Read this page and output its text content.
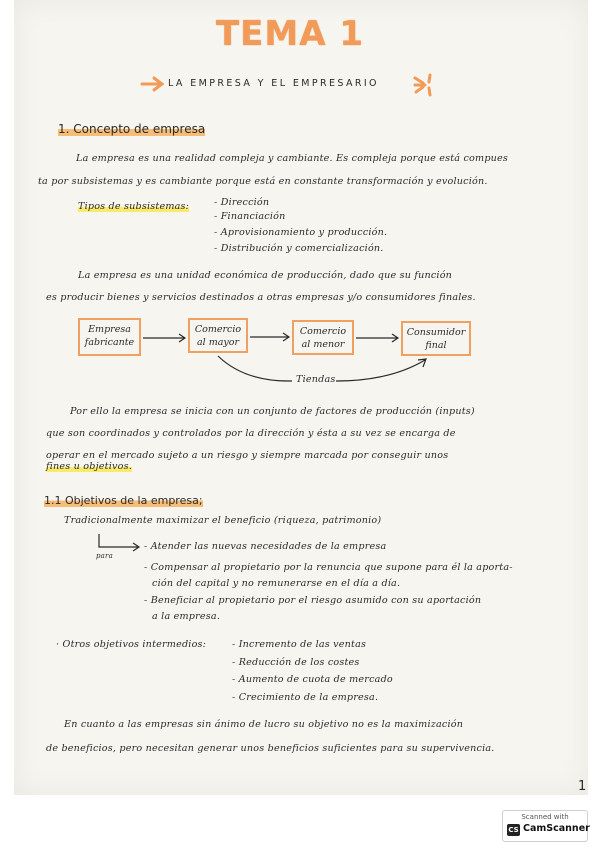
TEMA 1
LA EMPRESA Y EL EMPRESARIO
1. Concepto de empresa
La empresa es una realidad compleja y cambiante. Es compleja porque está compues
ta por subsistemas y es cambiante porque está en constante transformación y evolución.
Tipos de subsistemas:	- Dirección
- Financiación
- Aprovisionamiento y producción.
- Distribución y comercialización.
La empresa es una unidad económica de producción, dado que su función
es producir bienes y servicios destinados a otras empresas y/o consumidores finales.
Empresa
fabricante
Comercio
al mayor
Comercio
al menor
Consumidor
final
Tiendas
Por ello la empresa se inicia con un conjunto de factores de producción (inputs)
que son coordinados y controlados por la dirección y ésta a su vez se encarga de
operar en el mercado sujeto a un riesgo y siempre marcada por conseguir unos
fines u objetivos.
1.1 Objetivos de la empresa;
Tradicionalmente maximizar el beneficio (riqueza, patrimonio)
para
- Atender las nuevas necesidades de la empresa
- Compensar al propietario por la renuncia que supone para él la aporta-
ción del capital y no remunerarse en el día a día.
- Beneficiar al propietario por el riesgo asumido con su aportación
a la empresa.
· Otros objetivos intermedios:	- Incremento de las ventas
- Reducción de los costes
- Aumento de cuota de mercado
- Crecimiento de la empresa.
En cuanto a las empresas sin ánimo de lucro su objetivo no es la maximización
de beneficios, pero necesitan generar unos beneficios suficientes para su supervivencia.
1
Scanned with
CS CamScanner
